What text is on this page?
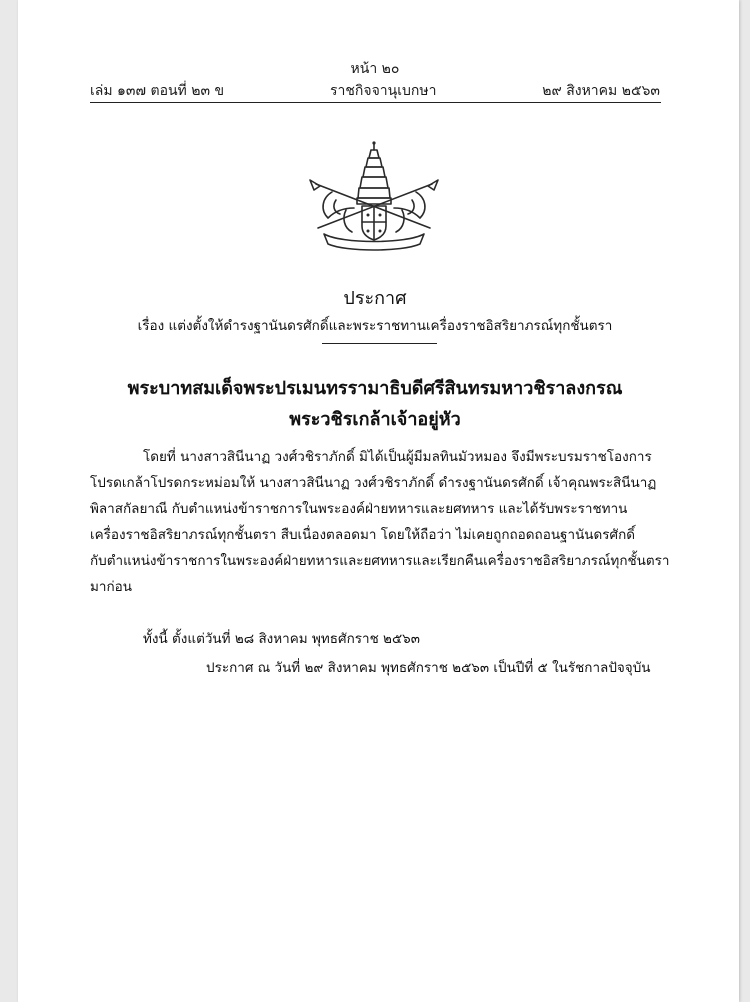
หน้า ๒๐
เล่ม ๑๓๗ ตอนที่ ๒๓ ข	ราชกิจจานุเบกษา	๒๙ สิงหาคม ๒๕๖๓
ประกาศ
เรื่อง แต่งตั้งให้ดำรงฐานันดรศักดิ์และพระราชทานเครื่องราชอิสริยาภรณ์ทุกชั้นตรา
พระบาทสมเด็จพระปรเมนทรรามาธิบดีศรีสินทรมหาวชิราลงกรณ
พระวชิรเกล้าเจ้าอยู่หัว
โดยที่ นางสาวสินีนาฏ วงศ์วชิราภักดิ์ มิได้เป็นผู้มีมลทินมัวหมอง จึงมีพระบรมราชโองการ
โปรดเกล้าโปรดกระหม่อมให้ นางสาวสินีนาฏ วงศ์วชิราภักดิ์ ดำรงฐานันดรศักดิ์ เจ้าคุณพระสินีนาฏ
พิลาสกัลยาณี กับตำแหน่งข้าราชการในพระองค์ฝ่ายทหารและยศทหาร และได้รับพระราชทาน
เครื่องราชอิสริยาภรณ์ทุกชั้นตรา สืบเนื่องตลอดมา โดยให้ถือว่า ไม่เคยถูกถอดถอนฐานันดรศักดิ์
กับตำแหน่งข้าราชการในพระองค์ฝ่ายทหารและยศทหารและเรียกคืนเครื่องราชอิสริยาภรณ์ทุกชั้นตรา
มาก่อน
ทั้งนี้ ตั้งแต่วันที่ ๒๘ สิงหาคม พุทธศักราช ๒๕๖๓
ประกาศ ณ วันที่ ๒๙ สิงหาคม พุทธศักราช ๒๕๖๓ เป็นปีที่ ๕ ในรัชกาลปัจจุบัน
